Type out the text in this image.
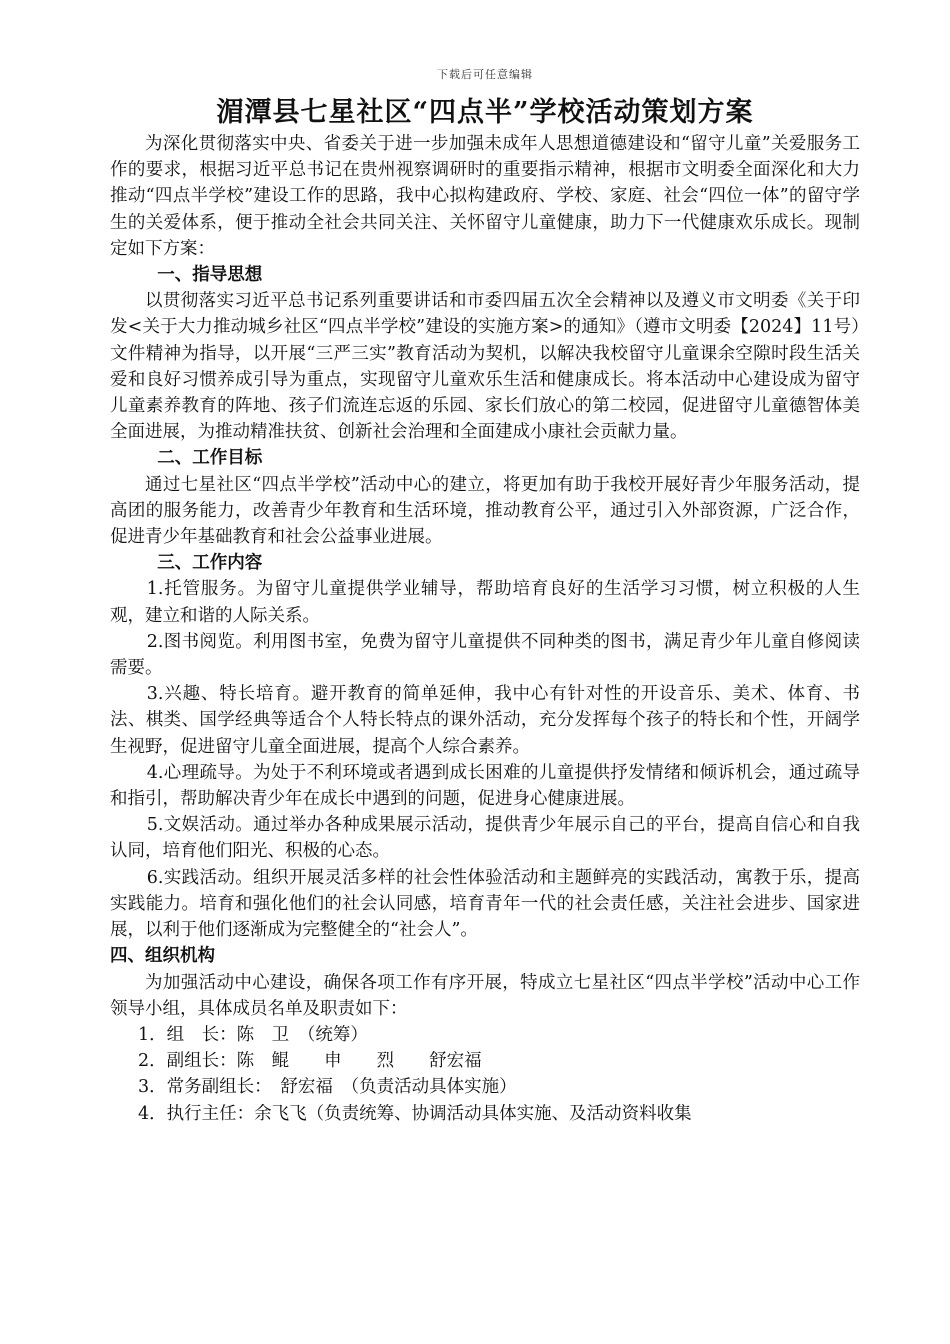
下载后可任意编辑
湄潭县七星社区“四点半”学校活动策划方案

为深化贯彻落实中央、省委关于进一步加强未成年人思想道德建设和“留守儿童”关爱服务工作的要求，根据习近平总书记在贵州视察调研时的重要指示精神，根据市文明委全面深化和大力推动“四点半学校”建设工作的思路，我中心拟构建政府、学校、家庭、社会“四位一体”的留守学生的关爱体系，便于推动全社会共同关注、关怀留守儿童健康，助力下一代健康欢乐成长。现制定如下方案：

一、指导思想

以贯彻落实习近平总书记系列重要讲话和市委四届五次全会精神以及遵义市文明委《关于印发<关于大力推动城乡社区“四点半学校”建设的实施方案>的通知》（遵市文明委【2024】11号）文件精神为指导，以开展“三严三实”教育活动为契机，以解决我校留守儿童课余空隙时段生活关爱和良好习惯养成引导为重点，实现留守儿童欢乐生活和健康成长。将本活动中心建设成为留守儿童素养教育的阵地、孩子们流连忘返的乐园、家长们放心的第二校园，促进留守儿童德智体美全面进展，为推动精准扶贫、创新社会治理和全面建成小康社会贡献力量。

二、工作目标

通过七星社区“四点半学校”活动中心的建立，将更加有助于我校开展好青少年服务活动，提高团的服务能力，改善青少年教育和生活环境，推动教育公平，通过引入外部资源，广泛合作，促进青少年基础教育和社会公益事业进展。

三、工作内容

1.托管服务。为留守儿童提供学业辅导，帮助培育良好的生活学习习惯，树立积极的人生观，建立和谐的人际关系。

2.图书阅览。利用图书室，免费为留守儿童提供不同种类的图书，满足青少年儿童自修阅读需要。

3.兴趣、特长培育。避开教育的简单延伸，我中心有针对性的开设音乐、美术、体育、书法、棋类、国学经典等适合个人特长特点的课外活动，充分发挥每个孩子的特长和个性，开阔学生视野，促进留守儿童全面进展，提高个人综合素养。

4.心理疏导。为处于不利环境或者遇到成长困难的儿童提供抒发情绪和倾诉机会，通过疏导和指引，帮助解决青少年在成长中遇到的问题，促进身心健康进展。

5.文娱活动。通过举办各种成果展示活动，提供青少年展示自己的平台，提高自信心和自我认同，培育他们阳光、积极的心态。

6.实践活动。组织开展灵活多样的社会性体验活动和主题鲜亮的实践活动，寓教于乐，提高实践能力。培育和强化他们的社会认同感，培育青年一代的社会责任感，关注社会进步、国家进展，以利于他们逐渐成为完整健全的“社会人”。

四、组织机构

为加强活动中心建设，确保各项工作有序开展，特成立七星社区“四点半学校”活动中心工作领导小组，具体成员名单及职责如下：

1．组　长：陈　卫　（统筹）

2．副组长：陈　鲲　　申　　烈　　舒宏福

3．常务副组长：　舒宏福　（负责活动具体实施）

4．执行主任：余飞飞（负责统筹、协调活动具体实施、及活动资料收集
